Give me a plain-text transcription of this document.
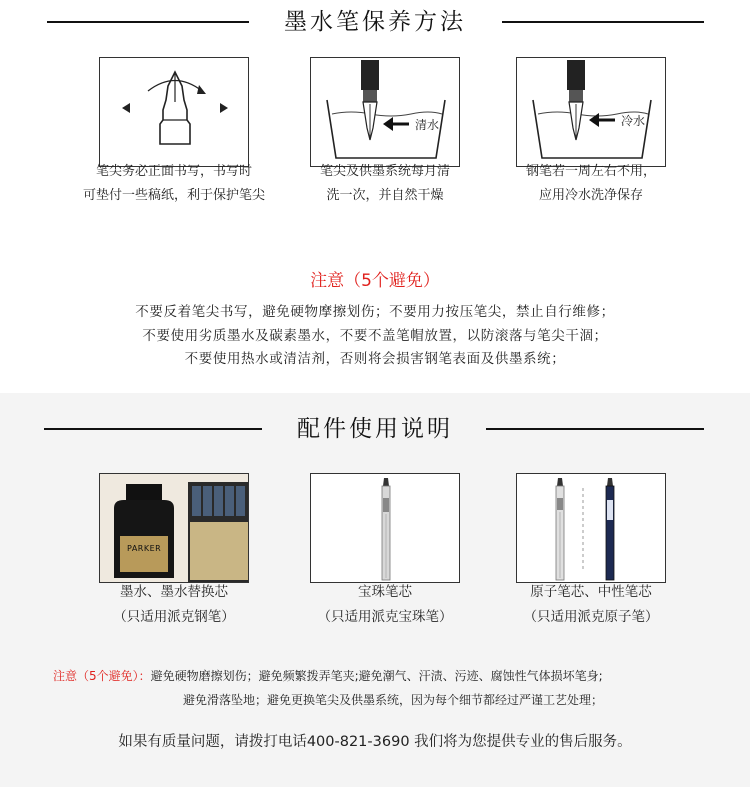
墨水笔保养方法
笔尖务必正面书写，书写时
可垫付一些稿纸，利于保护笔尖
清水
笔尖及供墨系统每月清
洗一次，并自然干燥
冷水
钢笔若一周左右不用，
应用冷水洗净保存
注意（5个避免）
不要反着笔尖书写，避免硬物摩擦划伤；不要用力按压笔尖，禁止自行维修；
不要使用劣质墨水及碳素墨水，不要不盖笔帽放置，以防滚落与笔尖干涸；
不要使用热水或清洁剂，否则将会损害钢笔表面及供墨系统；
配件使用说明
PARKER
墨水、墨水替换芯
（只适用派克钢笔）
宝珠笔芯
（只适用派克宝珠笔）
原子笔芯、中性笔芯
（只适用派克原子笔）
注意（5个避免）：避免硬物磨擦划伤；避免频繁拨弄笔夹;避免潮气、汗渍、污迹、腐蚀性气体损坏笔身;
避免滑落坠地；避免更换笔尖及供墨系统，因为每个细节都经过严谨工艺处理；
如果有质量问题，请拨打电话400-821-3690 我们将为您提供专业的售后服务。
